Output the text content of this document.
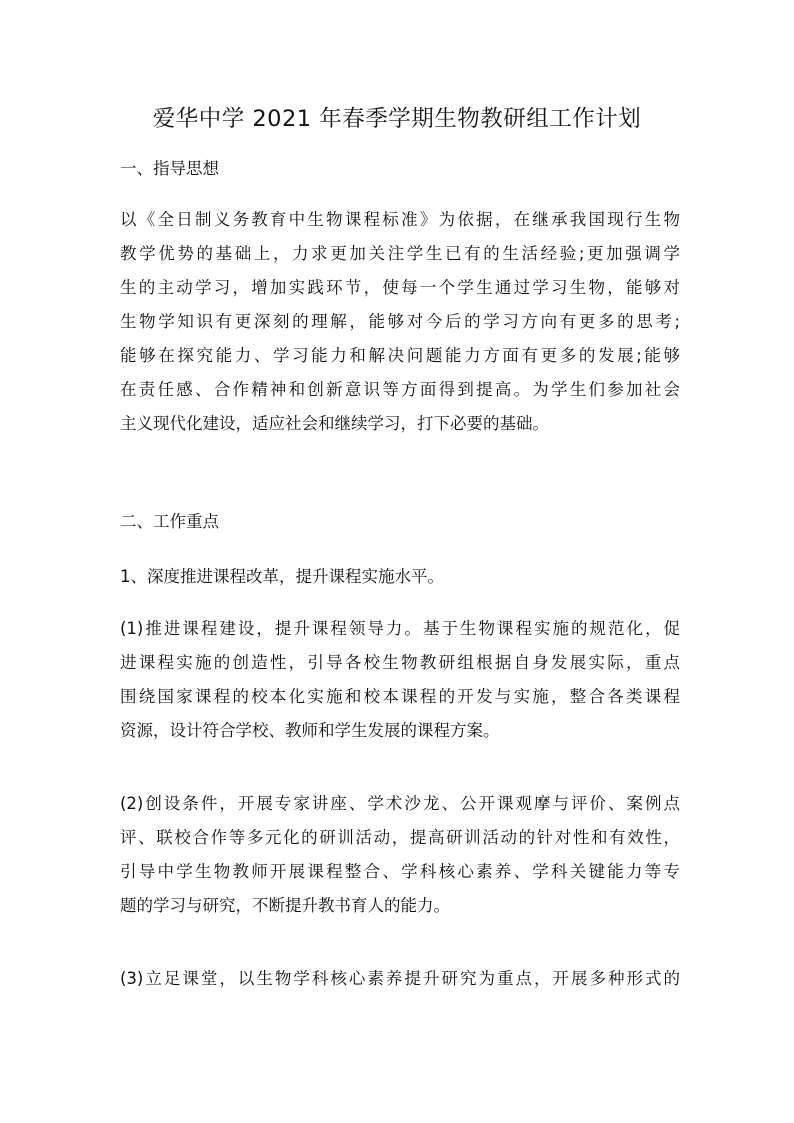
爱华中学 2021 年春季学期生物教研组工作计划
一、指导思想
以《全日制义务教育中生物课程标准》为依据，在继承我国现行生物
教学优势的基础上，力求更加关注学生已有的生活经验;更加强调学
生的主动学习，增加实践环节，使每一个学生通过学习生物，能够对
生物学知识有更深刻的理解，能够对今后的学习方向有更多的思考;
能够在探究能力、学习能力和解决问题能力方面有更多的发展;能够
在责任感、合作精神和创新意识等方面得到提高。为学生们参加社会
主义现代化建设，适应社会和继续学习，打下必要的基础。
二、工作重点
1、深度推进课程改革，提升课程实施水平。
(1)推进课程建设，提升课程领导力。基于生物课程实施的规范化，促
进课程实施的创造性，引导各校生物教研组根据自身发展实际，重点
围绕国家课程的校本化实施和校本课程的开发与实施，整合各类课程
资源，设计符合学校、教师和学生发展的课程方案。
(2)创设条件，开展专家讲座、学术沙龙、公开课观摩与评价、案例点
评、联校合作等多元化的研训活动，提高研训活动的针对性和有效性，
引导中学生物教师开展课程整合、学科核心素养、学科关键能力等专
题的学习与研究，不断提升教书育人的能力。
(3)立足课堂，以生物学科核心素养提升研究为重点，开展多种形式的
